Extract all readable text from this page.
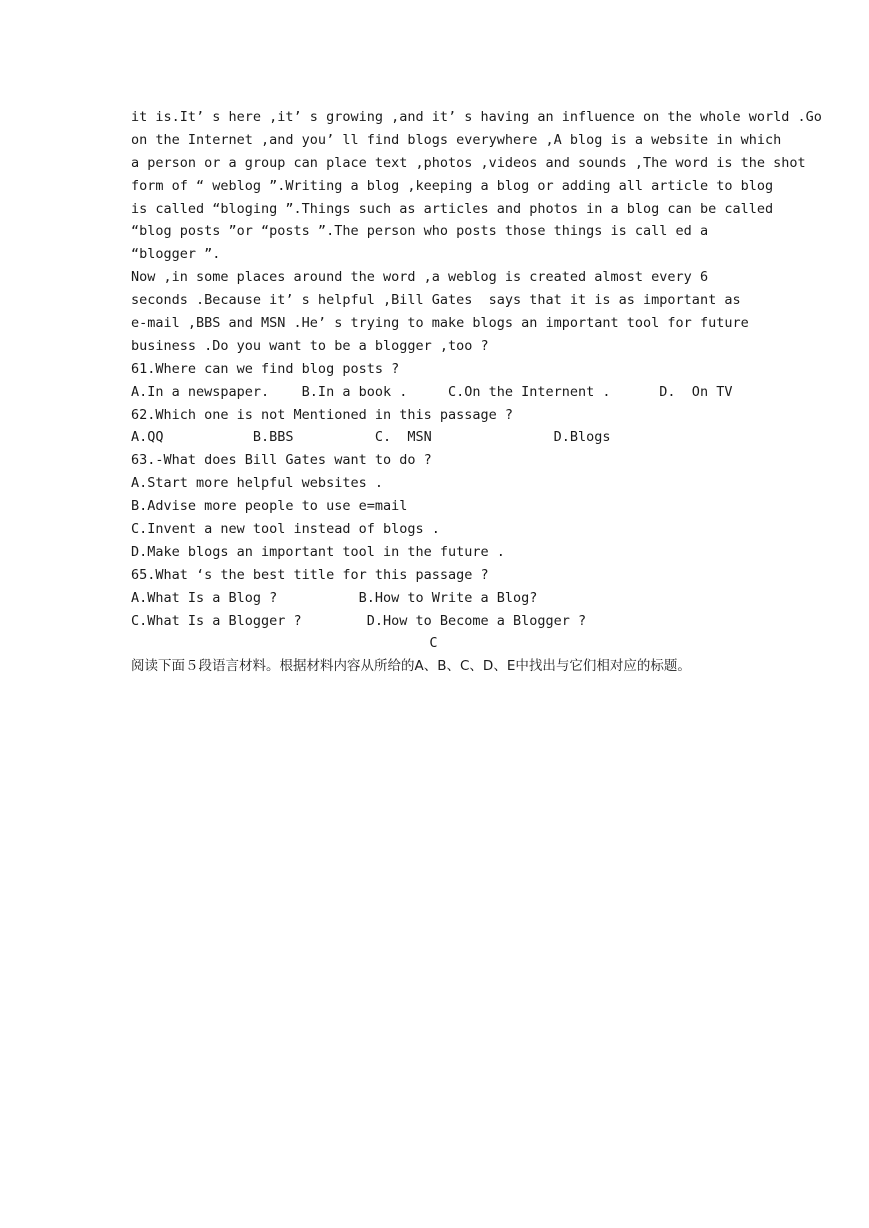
it is.It’ s here ,it’ s growing ,and it’ s having an influence on the whole world .Go
on the Internet ,and you’ ll find blogs everywhere ,A blog is a website in which
a person or a group can place text ,photos ,videos and sounds ,The word is the shot
form of “ weblog ”.Writing a blog ,keeping a blog or adding all article to blog
is called “bloging ”.Things such as articles and photos in a blog can be called
“blog posts ”or “posts ”.The person who posts those things is call ed a
“blogger ”.
Now ,in some places around the word ,a weblog is created almost every 6
seconds .Because it’ s helpful ,Bill Gates  says that it is as important as
e-mail ,BBS and MSN .He’ s trying to make blogs an important tool for future
business .Do you want to be a blogger ,too ?
61.Where can we find blog posts ?
A.In a newspaper.    B.In a book .     C.On the Internent .      D.  On TV
62.Which one is not Mentioned in this passage ?
A.QQ           B.BBS          C.  MSN               D.Blogs
63.-What does Bill Gates want to do ?
A.Start more helpful websites .
B.Advise more people to use e=mail
C.Invent a new tool instead of blogs .
D.Make blogs an important tool in the future .
65.What ‘s the best title for this passage ?
A.What Is a Blog ?          B.How to Write a Blog?
C.What Is a Blogger ?        D.How to Become a Blogger ?
C
阅读下面５段语言材料。根据材料内容从所给的A、B、C、D、E中找出与它们相对应的标题。
